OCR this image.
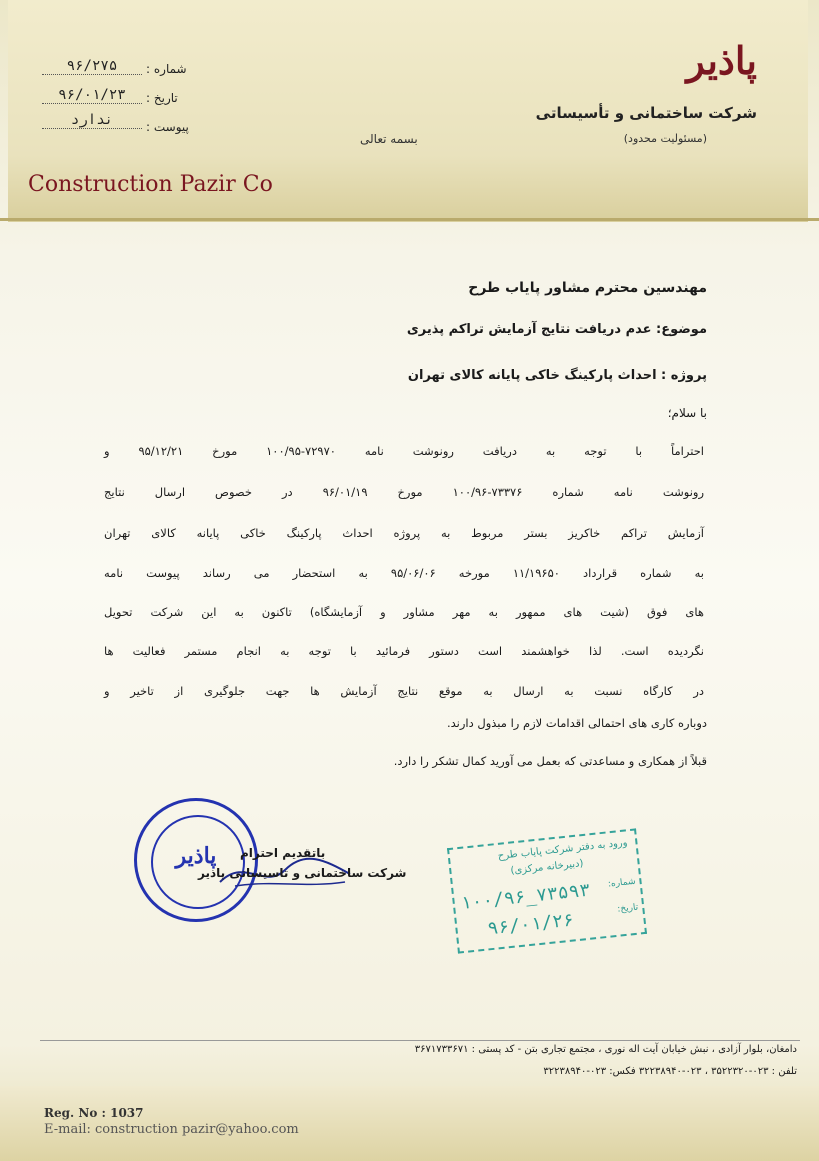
پاذیر
شرکت ساختمانی و تأسیساتی
(مسئولیت محدود)
بسمه تعالی
Construction Pazir Co
شماره :
۹۶/۲۷۵
تاریخ :
۹۶/۰۱/۲۳
پیوست :
ندارد
مهندسین محترم مشاور پایاب طرح
موضوع: عدم دریافت نتایج آزمایش تراکم پذیری
پروژه : احداث پارکینگ خاکی پایانه کالای تهران
با سلام؛
احتراماً با توجه به دریافت رونوشت نامه ۷۲۹۷۰-۱۰۰/۹۵ مورخ ۹۵/۱۲/۲۱ و
رونوشت نامه شماره ۷۳۳۷۶-۱۰۰/۹۶ مورخ ۹۶/۰۱/۱۹ در خصوص ارسال نتایج
آزمایش تراکم خاکریز بستر مربوط به پروژه احداث پارکینگ خاکی پایانه کالای تهران
به شماره قرارداد ۱۱/۱۹۶۵۰ مورخه ۹۵/۰۶/۰۶ به استحضار می رساند پیوست نامه
های فوق (شیت های ممهور به مهر مشاور و آزمایشگاه) تاکنون به این شرکت تحویل
نگردیده است. لذا خواهشمند است دستور فرمائید با توجه به انجام مستمر فعالیت ها
در کارگاه نسبت به ارسال به موقع نتایج آزمایش ها جهت جلوگیری از تاخیر و
دوباره کاری های احتمالی اقدامات لازم را مبذول دارند.
قبلاً از همکاری و مساعدتی که بعمل می آورید کمال تشکر را دارد.
پاذیر	باتقدیم احترام
شرکت ساختمانی و تاسیساتی پاذیر
ورود به دفتر شرکت پایاب طرح
(دبیرخانه مرکزی)
شماره:
تاریخ:
۱۰۰/۹۶_۷۳۵۹۳
۹۶/۰۱/۲۶
دامغان، بلوار آزادی ، نبش خیابان آیت اله نوری ، مجتمع تجاری بتن - کد پستی : ۳۶۷۱۷۳۳۶۷۱
تلفن : ۰۲۳-۳۵۲۲۳۲۰ ، ۰۲۳-۳۲۲۳۸۹۴۰ فکس: ۰۲۳-۳۲۲۳۸۹۴۰
Reg. No : 1037
E-mail: construction pazir@yahoo.com
